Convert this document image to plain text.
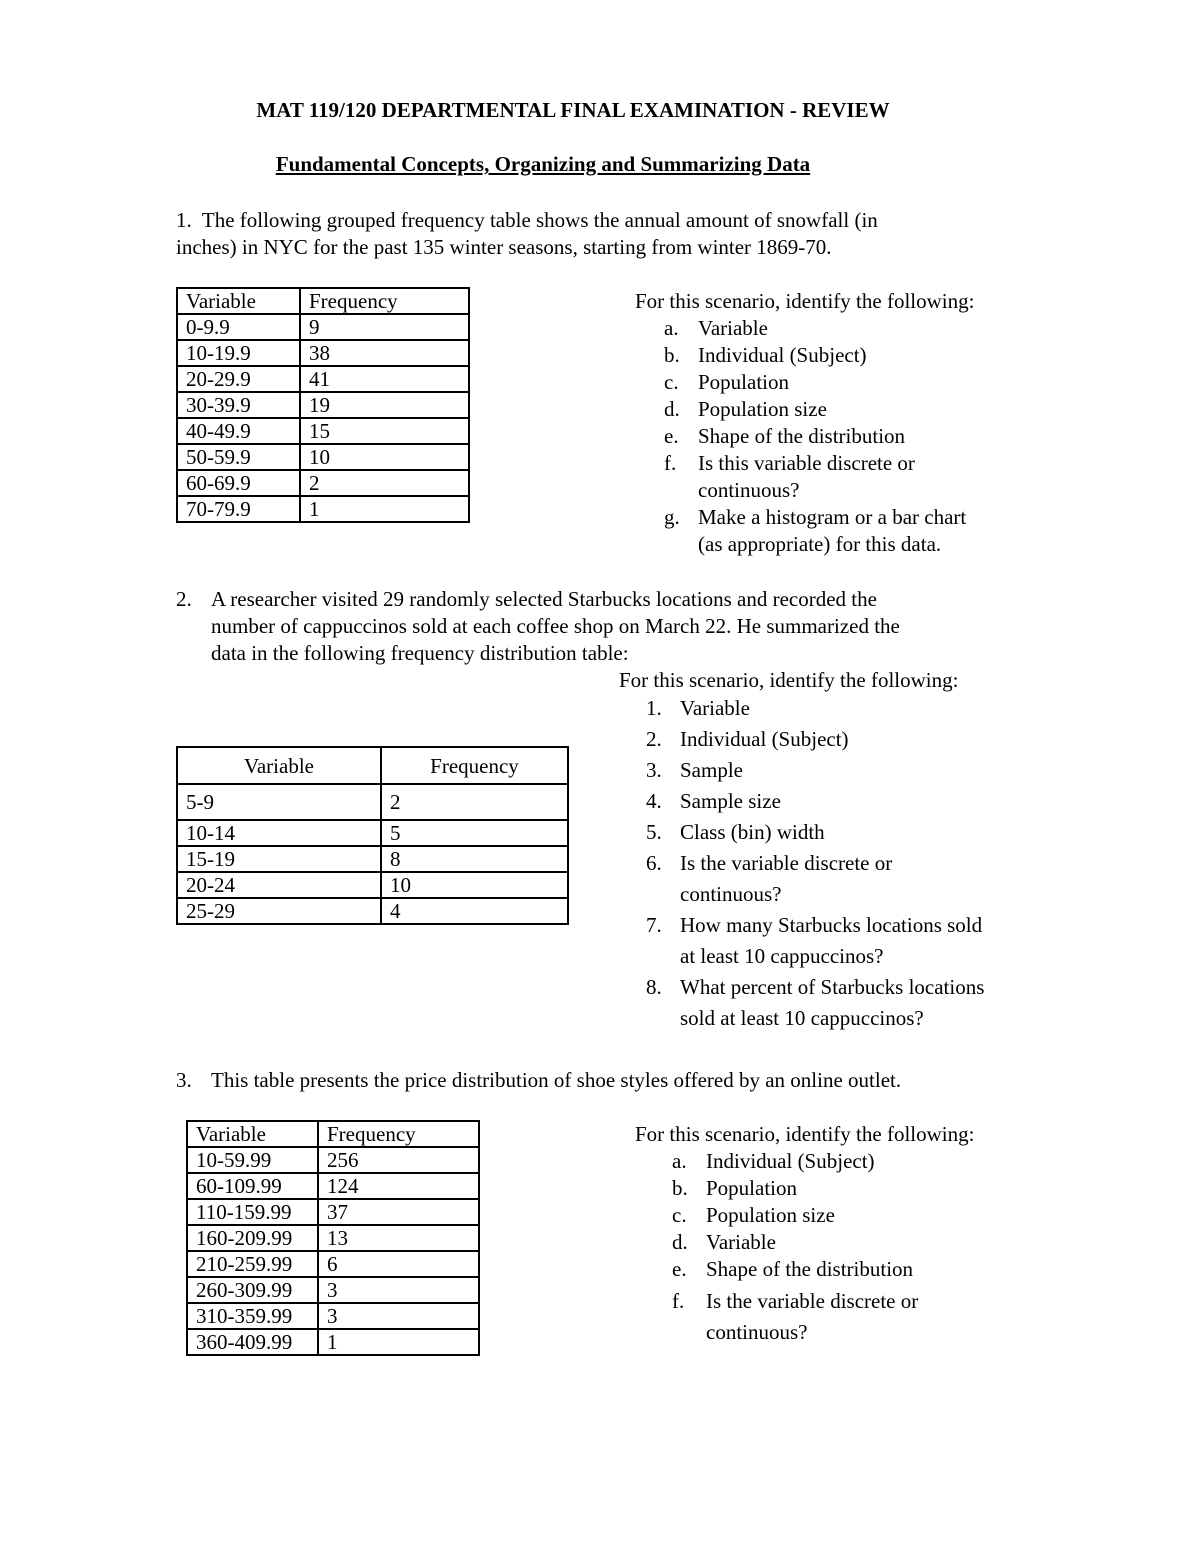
MAT 119/120 DEPARTMENTAL FINAL EXAMINATION - REVIEW
Fundamental Concepts, Organizing and Summarizing Data
1. The following grouped frequency table shows the annual amount of snowfall (in
inches) in NYC for the past 135 winter seasons, starting from winter 1869-70.
Variable	Frequency
0-9.9	9
10-19.9	38
20-29.9	41
30-39.9	19
40-49.9	15
50-59.9	10
60-69.9	2
70-79.9	1
For this scenario, identify the following:
a. Variable
b. Individual (Subject)
c. Population
d. Population size
e. Shape of the distribution
f. Is this variable discrete or
continuous?
g. Make a histogram or a bar chart
(as appropriate) for this data.
2. A researcher visited 29 randomly selected Starbucks locations and recorded the
number of cappuccinos sold at each coffee shop on March 22. He summarized the
data in the following frequency distribution table:
For this scenario, identify the following:
Variable	Frequency
5-9	2
10-14	5
15-19	8
20-24	10
25-29	4
1. Variable
2. Individual (Subject)
3. Sample
4. Sample size
5. Class (bin) width
6. Is the variable discrete or
continuous?
7. How many Starbucks locations sold
at least 10 cappuccinos?
8. What percent of Starbucks locations
sold at least 10 cappuccinos?
3. This table presents the price distribution of shoe styles offered by an online outlet.
Variable	Frequency
10-59.99	256
60-109.99	124
110-159.99	37
160-209.99	13
210-259.99	6
260-309.99	3
310-359.99	3
360-409.99	1
For this scenario, identify the following:
a. Individual (Subject)
b. Population
c. Population size
d. Variable
e. Shape of the distribution
f. Is the variable discrete or
continuous?
